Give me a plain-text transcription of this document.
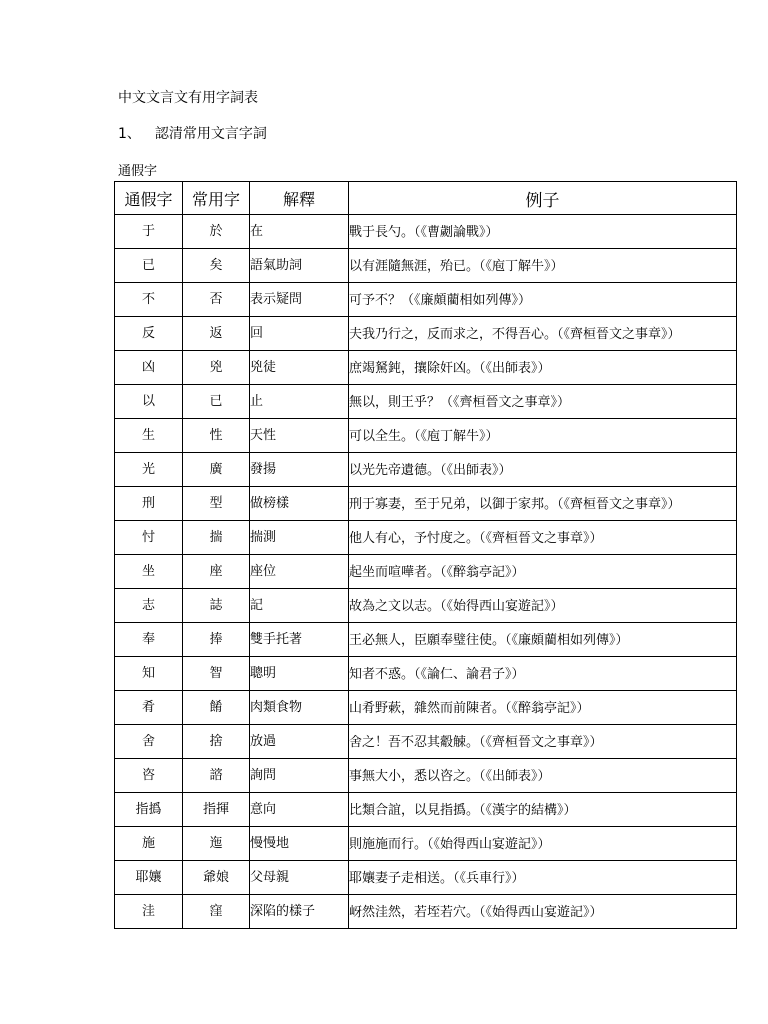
中文文言文有用字詞表
1、 認清常用文言字詞
通假字
通假字	常用字	解釋	例子
于	於	在	戰于長勺。（《曹劌論戰》）

已	矣	語氣助詞	以有涯隨無涯，殆已。（《庖丁解牛》）

不	否	表示疑問	可予不？（《廉頗藺相如列傳》）

反	返	回	夫我乃行之，反而求之，不得吾心。（《齊桓晉文之事章》）

凶	兇	兇徒	庶竭駑鈍，攘除奸凶。（《出師表》）

以	已	止	無以，則王乎？（《齊桓晉文之事章》）

生	性	天性	可以全生。（《庖丁解牛》）

光	廣	發揚	以光先帝遺德。（《出師表》）

刑	型	做榜樣	刑于寡妻，至于兄弟，以御于家邦。（《齊桓晉文之事章》）

忖	揣	揣測	他人有心，予忖度之。（《齊桓晉文之事章》）

坐	座	座位	起坐而喧嘩者。（《醉翁亭記》）

志	誌	記	故為之文以志。（《始得西山宴遊記》）

奉	捧	雙手托著	王必無人，臣願奉璧往使。（《廉頗藺相如列傳》）

知	智	聰明	知者不惑。（《論仁、論君子》）

肴	餚	肉類食物	山肴野蔌，雜然而前陳者。（《醉翁亭記》）

舍	捨	放過	舍之！吾不忍其觳觫。（《齊桓晉文之事章》）

咨	諮	詢問	事無大小，悉以咨之。（《出師表》）

指撝	指揮	意向	比類合誼，以見指撝。（《漢字的結構》）

施	迤	慢慢地	則施施而行。（《始得西山宴遊記》）

耶孃	爺娘	父母親	耶孃妻子走相送。（《兵車行》）

洼	窪	深陷的樣子	岈然洼然，若垤若穴。（《始得西山宴遊記》）
